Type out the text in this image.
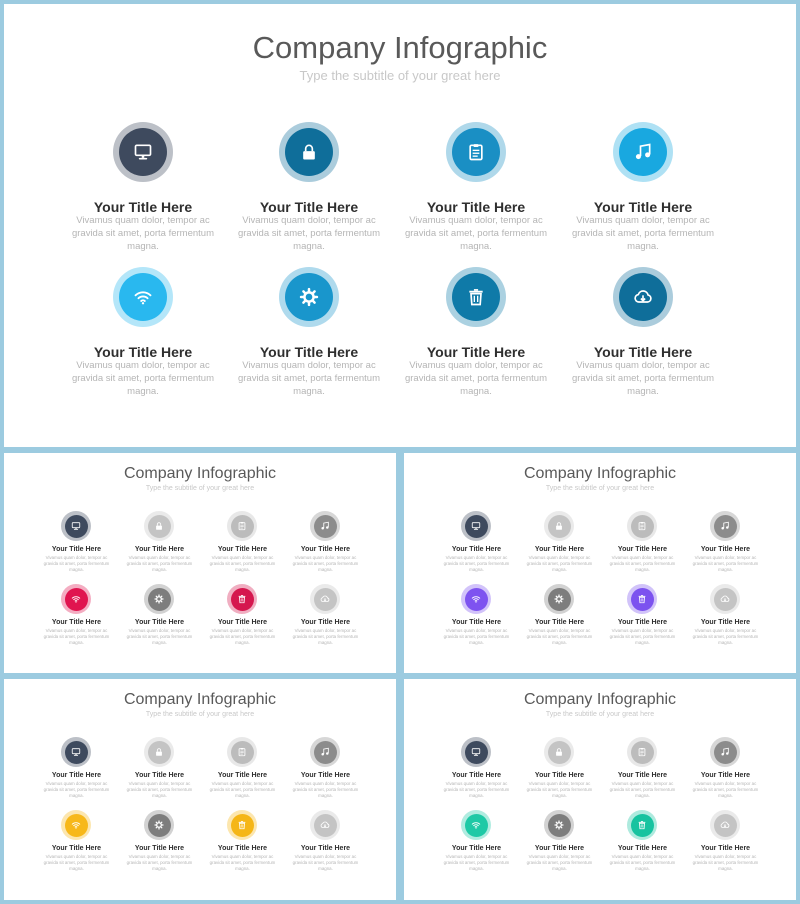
Company Infographic
Type the subtitle of your great here
Your Title Here
Vivamus quam dolor, tempor ac gravida sit amet, porta fermentum magna.
Your Title Here
Vivamus quam dolor, tempor ac gravida sit amet, porta fermentum magna.
Your Title Here
Vivamus quam dolor, tempor ac gravida sit amet, porta fermentum magna.
Your Title Here
Vivamus quam dolor, tempor ac gravida sit amet, porta fermentum magna.
Your Title Here
Vivamus quam dolor, tempor ac gravida sit amet, porta fermentum magna.
Your Title Here
Vivamus quam dolor, tempor ac gravida sit amet, porta fermentum magna.
Your Title Here
Vivamus quam dolor, tempor ac gravida sit amet, porta fermentum magna.
Your Title Here
Vivamus quam dolor, tempor ac gravida sit amet, porta fermentum magna.
Company Infographic
Type the subtitle of your great here
Your Title Here
Vivamus quam dolor, tempor ac gravida sit amet, porta fermentum magna.
Your Title Here
Vivamus quam dolor, tempor ac gravida sit amet, porta fermentum magna.
Your Title Here
Vivamus quam dolor, tempor ac gravida sit amet, porta fermentum magna.
Your Title Here
Vivamus quam dolor, tempor ac gravida sit amet, porta fermentum magna.
Your Title Here
Vivamus quam dolor, tempor ac gravida sit amet, porta fermentum magna.
Your Title Here
Vivamus quam dolor, tempor ac gravida sit amet, porta fermentum magna.
Your Title Here
Vivamus quam dolor, tempor ac gravida sit amet, porta fermentum magna.
Your Title Here
Vivamus quam dolor, tempor ac gravida sit amet, porta fermentum magna.
Company Infographic
Type the subtitle of your great here
Your Title Here
Vivamus quam dolor, tempor ac gravida sit amet, porta fermentum magna.
Your Title Here
Vivamus quam dolor, tempor ac gravida sit amet, porta fermentum magna.
Your Title Here
Vivamus quam dolor, tempor ac gravida sit amet, porta fermentum magna.
Your Title Here
Vivamus quam dolor, tempor ac gravida sit amet, porta fermentum magna.
Your Title Here
Vivamus quam dolor, tempor ac gravida sit amet, porta fermentum magna.
Your Title Here
Vivamus quam dolor, tempor ac gravida sit amet, porta fermentum magna.
Your Title Here
Vivamus quam dolor, tempor ac gravida sit amet, porta fermentum magna.
Your Title Here
Vivamus quam dolor, tempor ac gravida sit amet, porta fermentum magna.
Company Infographic
Type the subtitle of your great here
Your Title Here
Vivamus quam dolor, tempor ac gravida sit amet, porta fermentum magna.
Your Title Here
Vivamus quam dolor, tempor ac gravida sit amet, porta fermentum magna.
Your Title Here
Vivamus quam dolor, tempor ac gravida sit amet, porta fermentum magna.
Your Title Here
Vivamus quam dolor, tempor ac gravida sit amet, porta fermentum magna.
Your Title Here
Vivamus quam dolor, tempor ac gravida sit amet, porta fermentum magna.
Your Title Here
Vivamus quam dolor, tempor ac gravida sit amet, porta fermentum magna.
Your Title Here
Vivamus quam dolor, tempor ac gravida sit amet, porta fermentum magna.
Your Title Here
Vivamus quam dolor, tempor ac gravida sit amet, porta fermentum magna.
Company Infographic
Type the subtitle of your great here
Your Title Here
Vivamus quam dolor, tempor ac gravida sit amet, porta fermentum magna.
Your Title Here
Vivamus quam dolor, tempor ac gravida sit amet, porta fermentum magna.
Your Title Here
Vivamus quam dolor, tempor ac gravida sit amet, porta fermentum magna.
Your Title Here
Vivamus quam dolor, tempor ac gravida sit amet, porta fermentum magna.
Your Title Here
Vivamus quam dolor, tempor ac gravida sit amet, porta fermentum magna.
Your Title Here
Vivamus quam dolor, tempor ac gravida sit amet, porta fermentum magna.
Your Title Here
Vivamus quam dolor, tempor ac gravida sit amet, porta fermentum magna.
Your Title Here
Vivamus quam dolor, tempor ac gravida sit amet, porta fermentum magna.
